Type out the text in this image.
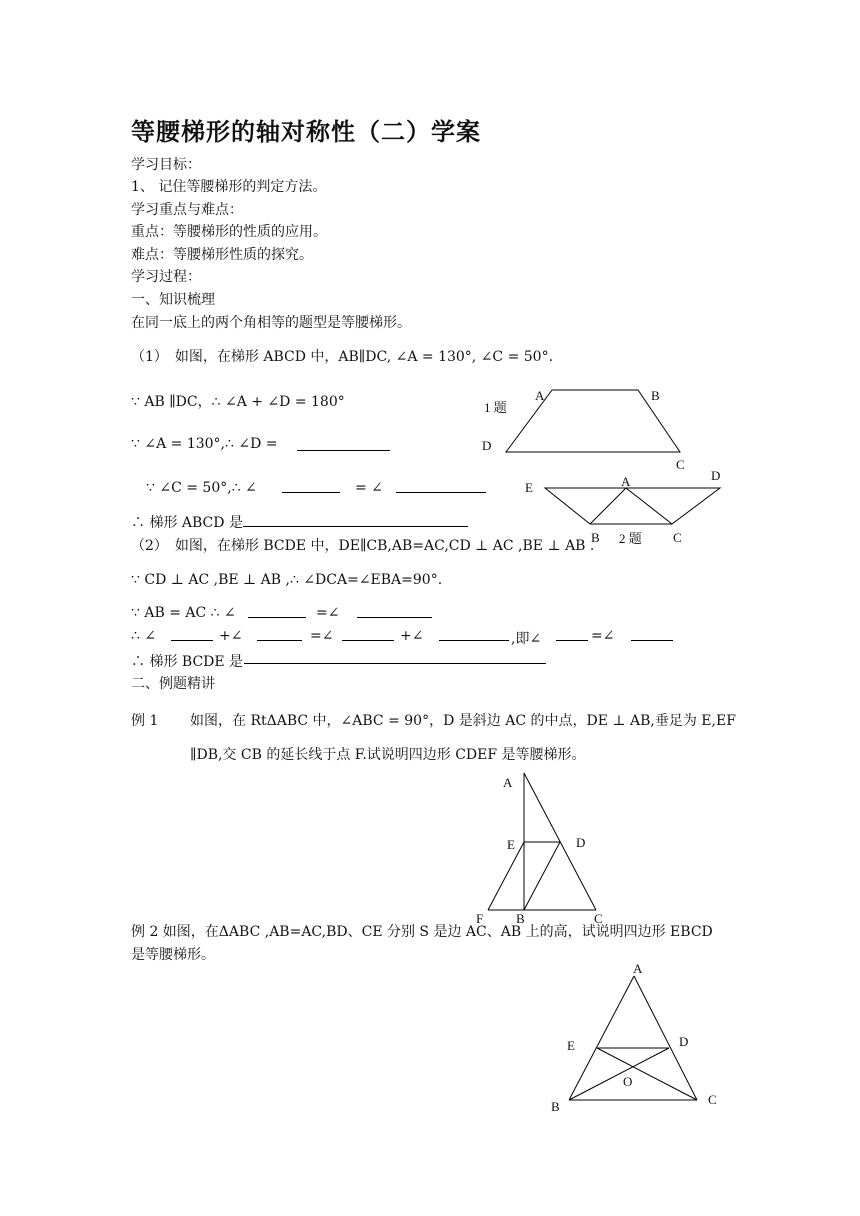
等腰梯形的轴对称性（二）学案
学习目标：
1、 记住等腰梯形的判定方法。
学习重点与难点：
重点：等腰梯形的性质的应用。
难点：等腰梯形性质的探究。
学习过程：
一、知识梳理
在同一底上的两个角相等的题型是等腰梯形。
（1）　如图，在梯形 ABCD 中，AB∥DC, ∠A = 130°, ∠C = 50°.
∵ AB ∥DC，∴ ∠A + ∠D = 180°
∵ ∠A = 130°,∴ ∠D =
∵ ∠C = 50°,∴ ∠	= ∠
∴ 梯形 ABCD 是
（2）　如图，在梯形 BCDE 中，DE∥CB,AB=AC,CD ⊥ AC ,BE ⊥ AB .
∵ CD ⊥ AC ,BE ⊥ AB ,∴ ∠DCA=∠EBA=90°.
∵ AB = AC ∴ ∠	=∠
∴ ∠	+∠	=∠	+∠	,即∠	=∠
∴ 梯形 BCDE 是
二、例题精讲
例 1 如图，在 RtΔABC 中，∠ABC = 90°，D 是斜边 AC 的中点，DE ⊥ AB,垂足为 E,EF
∥DB,交 CB 的延长线于点 F.试说明四边形 CDEF 是等腰梯形。
例 2 如图，在ΔABC ,AB=AC,BD、CE 分别 S 是边 AC、AB 上的高，试说明四边形 EBCD
是等腰梯形。
A	B
C
D
1 题
E	A	D
B	C
2 题
A
E	D
F	B	C
A
E	D
O
B	C
